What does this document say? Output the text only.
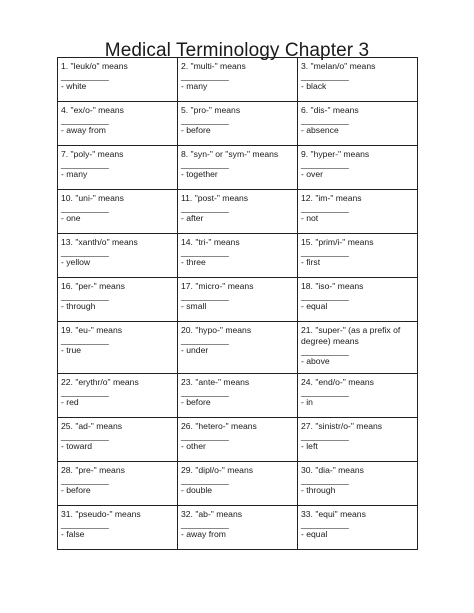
Medical Terminology Chapter 3
1. "leuk/o" means
__________
- white	2. "multi-" means
__________
- many	3. "melan/o" means
__________
- black

4. "ex/o-" means
__________
- away from	5. "pro-" means
__________
- before	6. "dis-" means
__________
- absence

7. "poly-" means
__________
- many	8. "syn-" or "sym-" means
__________
- together	9. "hyper-" means
__________
- over

10. "uni-" means
__________
- one	11. "post-" means
__________
- after	12. "im-" means
__________
- not

13. "xanth/o" means
__________
- yellow	14. "tri-" means
__________
- three	15. "prim/i-" means
__________
- first

16. "per-" means
__________
- through	17. "micro-" means
__________
- small	18. "iso-" means
__________
- equal

19. "eu-" means
__________
- true	20. "hypo-" means
__________
- under	21. "super-" (as a prefix of degree) means
__________
- above

22. "erythr/o" means
__________
- red	23. "ante-" means
__________
- before	24. "end/o-" means
__________
- in

25. "ad-" means
__________
- toward	26. "hetero-" means
__________
- other	27. "sinistr/o-" means
__________
- left

28. "pre-" means
__________
- before	29. "dipl/o-" means
__________
- double	30. "dia-" means
__________
- through

31. "pseudo-" means
__________
- false	32. "ab-" means
__________
- away from	33. "equi" means
__________
- equal
